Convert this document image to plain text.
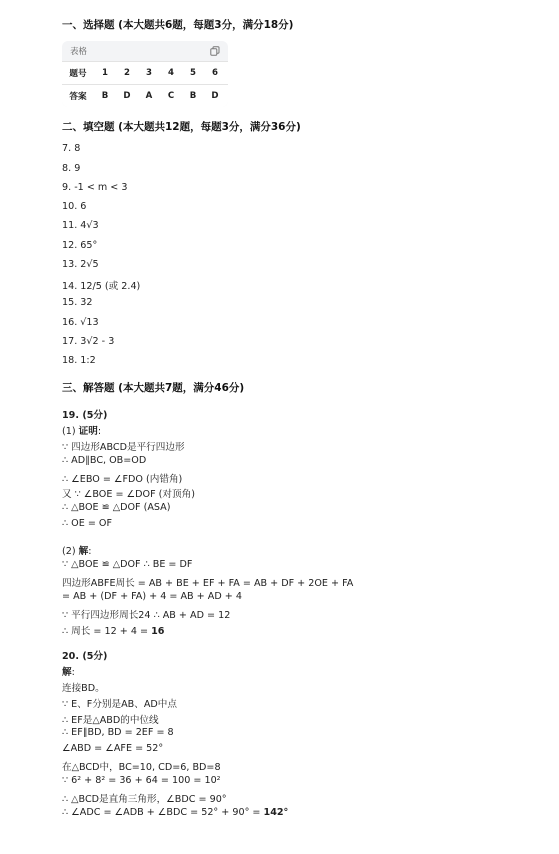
一、选择题 (本大题共6题，每题3分，满分18分)
表格
题号	1	2	3	4	5	6
答案	B	D	A	C	B	D
二、填空题 (本大题共12题，每题3分，满分36分)
7. 8
8. 9
9. -1 < m < 3
10. 6
11. 4√3
12. 65°
13. 2√5
14. 12/5 (或 2.4)
15. 32
16. √13
17. 3√2 - 3
18. 1:2
三、解答题 (本大题共7题，满分46分)
19. (5分)
(1) 证明:
∵ 四边形ABCD是平行四边形
∴ AD∥BC, OB=OD
∴ ∠EBO = ∠FDO (内错角)
又 ∵ ∠BOE = ∠DOF (对顶角)
∴ △BOE ≌ △DOF (ASA)
∴ OE = OF
(2) 解:
∵ △BOE ≌ △DOF ∴ BE = DF
四边形ABFE周长 = AB + BE + EF + FA = AB + DF + 2OE + FA
= AB + (DF + FA) + 4 = AB + AD + 4
∵ 平行四边形周长24 ∴ AB + AD = 12
∴ 周长 = 12 + 4 = 16
20. (5分)
解:
连接BD。
∵ E、F分别是AB、AD中点
∴ EF是△ABD的中位线
∴ EF∥BD, BD = 2EF = 8
∠ABD = ∠AFE = 52°
在△BCD中，BC=10, CD=6, BD=8
∵ 6² + 8² = 36 + 64 = 100 = 10²
∴ △BCD是直角三角形，∠BDC = 90°
∴ ∠ADC = ∠ADB + ∠BDC = 52° + 90° = 142°
